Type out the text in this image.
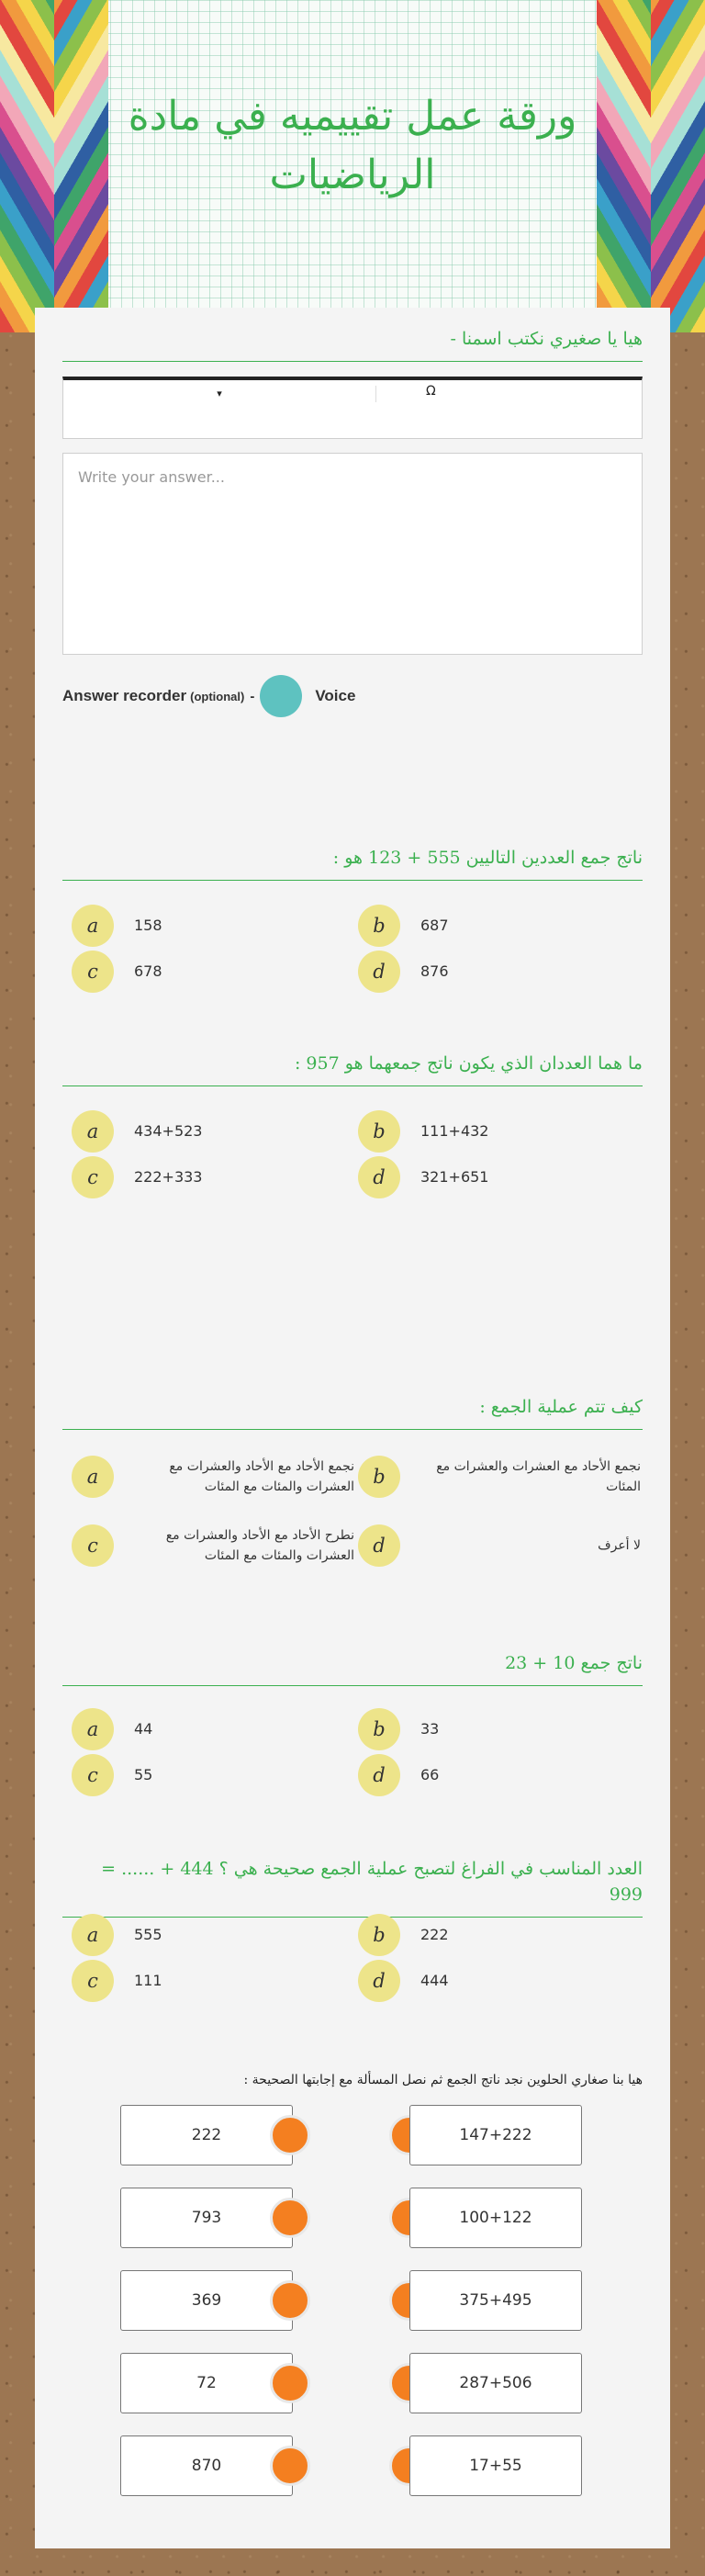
ورقة عمل تقييميه في مادة الرياضيات
هيا يا صغيري نكتب اسمنا -
▾	Ω
Write your answer...
Answer recorder (optional) -	Voice
ناتج جمع العددين التاليين 555 + 123 هو :
a	158	b	687
c	678	d	876
ما هما العددان الذي يكون ناتج جمعهما هو 957 :
a	434+523	b	111+432
c	222+333	d	321+651
كيف تتم عملية الجمع :
a	نجمع الأحاد مع الأحاد والعشرات مع العشرات والمئات مع المئات b	نجمع الأحاد مع العشرات والعشرات مع المئات
c	نطرح الأحاد مع الأحاد والعشرات مع العشرات والمئات مع المئات d	لا أعرف
ناتج جمع 10 + 23
a	44	b	33
c	55	d	66
العدد المناسب في الفراغ لتصبح عملية الجمع صحيحة هي ؟ 444 + ...... = 999
a	555	b	222
c	111	d	444
هيا بنا صغاري الحلوين نجد ناتج الجمع ثم نصل المسألة مع إجابتها الصحيحة :
222	147+222
793	100+122
369	375+495
72	287+506
870	17+55
